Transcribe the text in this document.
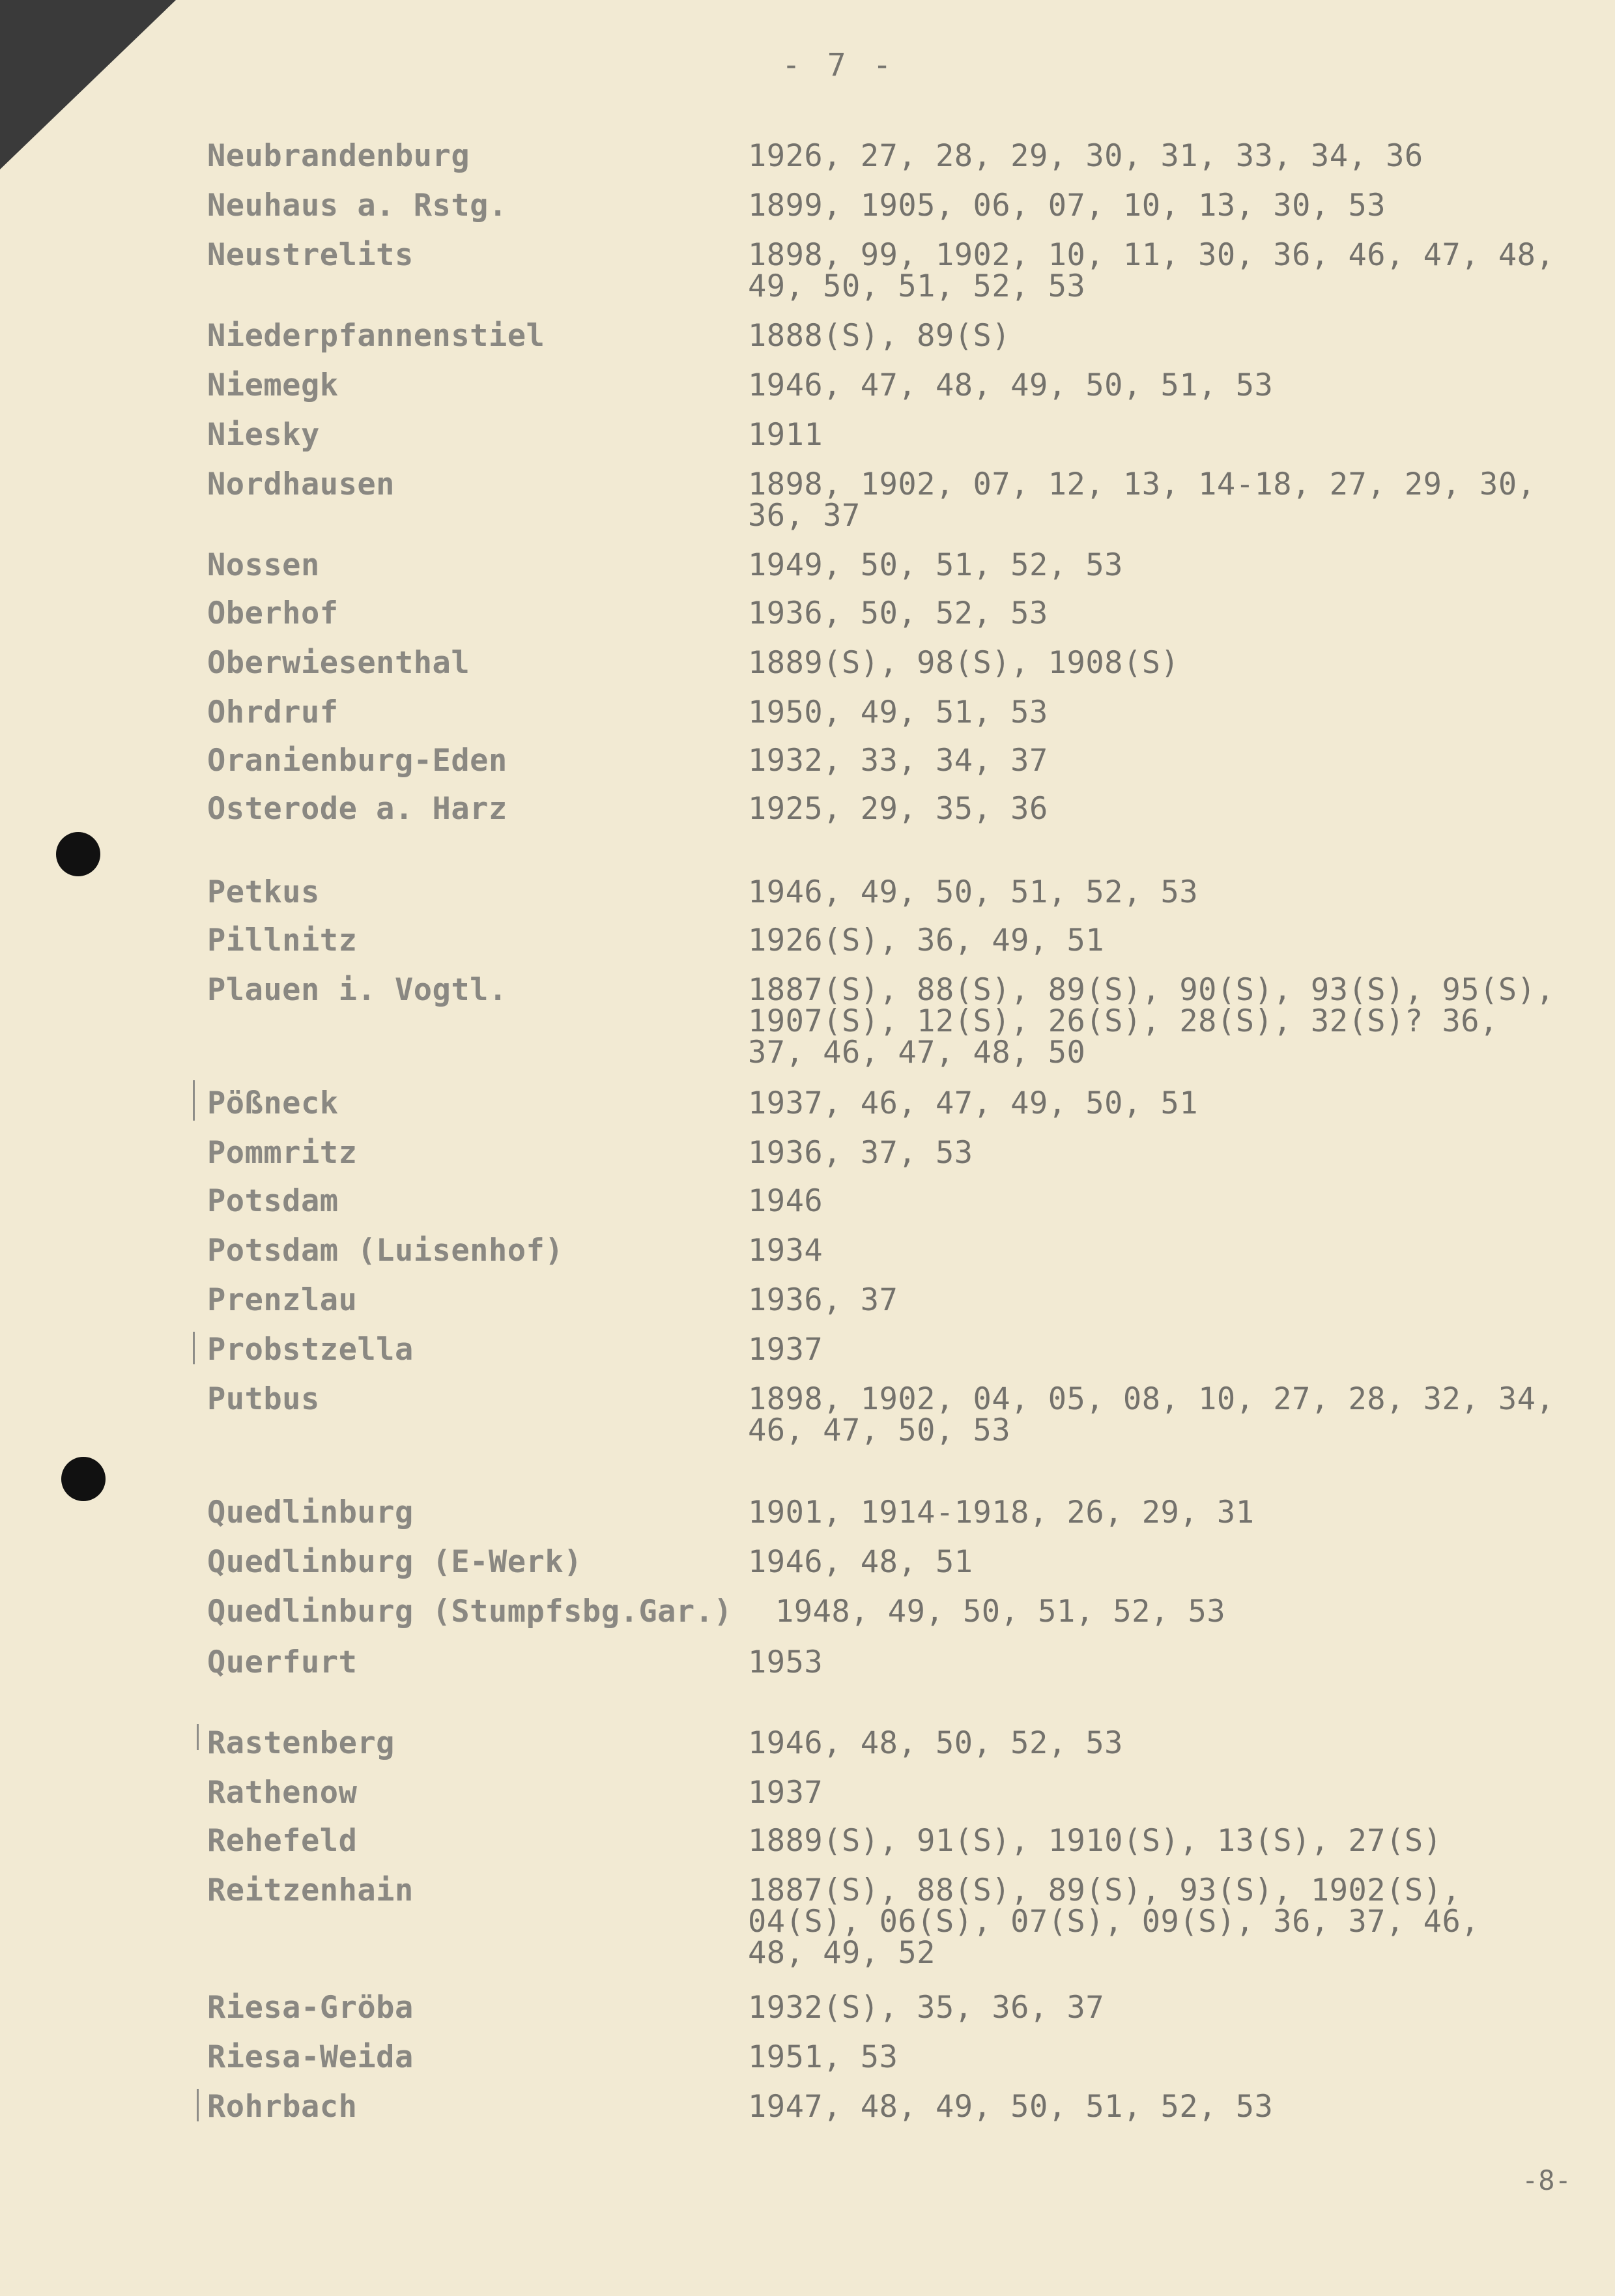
- 7 -
Neubrandenburg	1926, 27, 28, 29, 30, 31, 33, 34, 36
Neuhaus a. Rstg.	1899, 1905, 06, 07, 10, 13, 30, 53
Neustrelits	1898, 99, 1902, 10, 11, 30, 36, 46, 47, 48,
49, 50, 51, 52, 53
Niederpfannenstiel	1888(S), 89(S)
Niemegk	1946, 47, 48, 49, 50, 51, 53
Niesky	1911
Nordhausen	1898, 1902, 07, 12, 13, 14-18, 27, 29, 30,
36, 37
Nossen	1949, 50, 51, 52, 53
Oberhof	1936, 50, 52, 53
Oberwiesenthal	1889(S), 98(S), 1908(S)
Ohrdruf	1950, 49, 51, 53
Oranienburg-Eden	1932, 33, 34, 37
Osterode a. Harz	1925, 29, 35, 36
Petkus	1946, 49, 50, 51, 52, 53
Pillnitz	1926(S), 36, 49, 51
Plauen i. Vogtl.	1887(S), 88(S), 89(S), 90(S), 93(S), 95(S),
1907(S), 12(S), 26(S), 28(S), 32(S)? 36,
37, 46, 47, 48, 50
Pößneck	1937, 46, 47, 49, 50, 51
Pommritz	1936, 37, 53
Potsdam	1946
Potsdam (Luisenhof)	1934
Prenzlau	1936, 37
Probstzella	1937
Putbus	1898, 1902, 04, 05, 08, 10, 27, 28, 32, 34,
46, 47, 50, 53
Quedlinburg	1901, 1914-1918, 26, 29, 31
Quedlinburg (E-Werk)	1946, 48, 51
Quedlinburg (Stumpfsbg.Gar.) 1948, 49, 50, 51, 52, 53
Querfurt	1953
Rastenberg	1946, 48, 50, 52, 53
Rathenow	1937
Rehefeld	1889(S), 91(S), 1910(S), 13(S), 27(S)
Reitzenhain	1887(S), 88(S), 89(S), 93(S), 1902(S),
04(S), 06(S), 07(S), 09(S), 36, 37, 46,
48, 49, 52
Riesa-Gröba	1932(S), 35, 36, 37
Riesa-Weida	1951, 53
Rohrbach	1947, 48, 49, 50, 51, 52, 53
-8-
